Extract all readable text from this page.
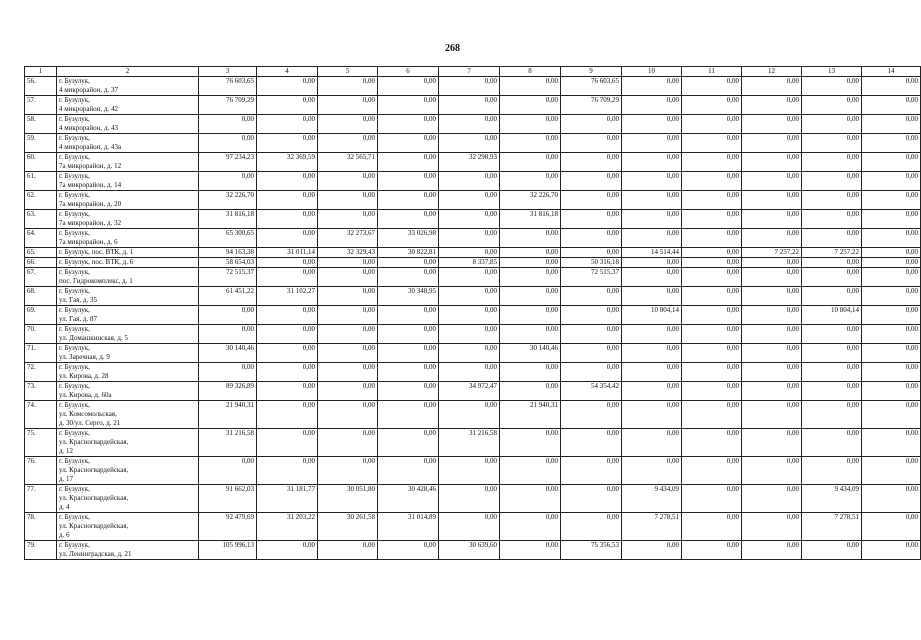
268
1	2	3	4	5	6	7	8	9	10	11	12	13	14
56.	г. Бузулук,
4 микрорайон, д. 37	76 603,65	0,00	0,00	0,00	0,00	0,00	76 603,65	0,00	0,00	0,00	0,00	0,00
57.	г. Бузулук,
4 микрорайон, д. 42	76 709,29	0,00	0,00	0,00	0,00	0,00	76 709,29	0,00	0,00	0,00	0,00	0,00
58.	г. Бузулук,
4 микрорайон, д. 43	0,00	0,00	0,00	0,00	0,00	0,00	0,00	0,00	0,00	0,00	0,00	0,00
59.	г. Бузулук,
4 микрорайон, д. 43а	0,00	0,00	0,00	0,00	0,00	0,00	0,00	0,00	0,00	0,00	0,00	0,00
60.	г. Бузулук,
7а микрорайон, д. 12	97 234,23	32 369,59	32 565,71	0,00	32 298,93	0,00	0,00	0,00	0,00	0,00	0,00	0,00
61.	г. Бузулук,
7а микрорайон, д. 14	0,00	0,00	0,00	0,00	0,00	0,00	0,00	0,00	0,00	0,00	0,00	0,00
62.	г. Бузулук,
7а микрорайон, д. 20	32 226,70	0,00	0,00	0,00	0,00	32 226,70	0,00	0,00	0,00	0,00	0,00	0,00
63.	г. Бузулук,
7а микрорайон, д. 32	31 816,18	0,00	0,00	0,00	0,00	31 816,18	0,00	0,00	0,00	0,00	0,00	0,00
64.	г. Бузулук,
7а микрорайон, д. 6	65 300,65	0,00	32 273,67	33 026,98	0,00	0,00	0,00	0,00	0,00	0,00	0,00	0,00
65.	г. Бузулук, пос. ВТК, д. 1	94 163,38	31 011,14	32 329,43	30 822,81	0,00	0,00	0,00	14 514,44	0,00	7 257,22	7 257,22	0,00
66.	г. Бузулук, пос. ВТК, д. 6	58 654,03	0,00	0,00	0,00	8 337,85	0,00	50 316,18	0,00	0,00	0,00	0,00	0,00
67.	г. Бузулук,
пос. Гидрокомплекс, д. 1	72 515,37	0,00	0,00	0,00	0,00	0,00	72 515,37	0,00	0,00	0,00	0,00	0,00
68.	г. Бузулук,
ул. Гая, д. 35	61 451,22	31 102,27	0,00	30 348,95	0,00	0,00	0,00	0,00	0,00	0,00	0,00	0,00
69.	г. Бузулук,
ул. Гая, д. 87	0,00	0,00	0,00	0,00	0,00	0,00	0,00	10 804,14	0,00	0,00	10 804,14	0,00
70.	г. Бузулук,
ул. Домашкинская, д. 5	0,00	0,00	0,00	0,00	0,00	0,00	0,00	0,00	0,00	0,00	0,00	0,00
71.	г. Бузулук,
ул. Заречная, д. 9	30 140,46	0,00	0,00	0,00	0,00	30 140,46	0,00	0,00	0,00	0,00	0,00	0,00
72.	г. Бузулук,
ул. Кирова, д. 28	0,00	0,00	0,00	0,00	0,00	0,00	0,00	0,00	0,00	0,00	0,00	0,00
73.	г. Бузулук,
ул. Кирова, д. 60а	89 326,89	0,00	0,00	0,00	34 972,47	0,00	54 354,42	0,00	0,00	0,00	0,00	0,00
74.	г. Бузулук,
ул. Комсомольская,
д. 30/ул. Серго, д. 21	21 940,31	0,00	0,00	0,00	0,00	21 940,31	0,00	0,00	0,00	0,00	0,00	0,00
75.	г. Бузулук,
ул. Красногвардейская,
д. 12	31 216,58	0,00	0,00	0,00	31 216,58	0,00	0,00	0,00	0,00	0,00	0,00	0,00
76.	г. Бузулук,
ул. Красногвардейская,
д. 17	0,00	0,00	0,00	0,00	0,00	0,00	0,00	0,00	0,00	0,00	0,00	0,00
77.	г. Бузулук,
ул. Красногвардейская,
д. 4	91 662,03	31 181,77	30 051,80	30 428,46	0,00	0,00	0,00	9 434,09	0,00	0,00	9 434,09	0,00
78.	г. Бузулук,
ул. Красногвардейская,
д. 6	92 479,69	31 203,22	30 261,58	31 014,89	0,00	0,00	0,00	7 278,51	0,00	0,00	7 278,51	0,00
79.	г. Бузулук,
ул. Ленинградская, д. 21	105 996,13	0,00	0,00	0,00	30 639,60	0,00	75 356,53	0,00	0,00	0,00	0,00	0,00
